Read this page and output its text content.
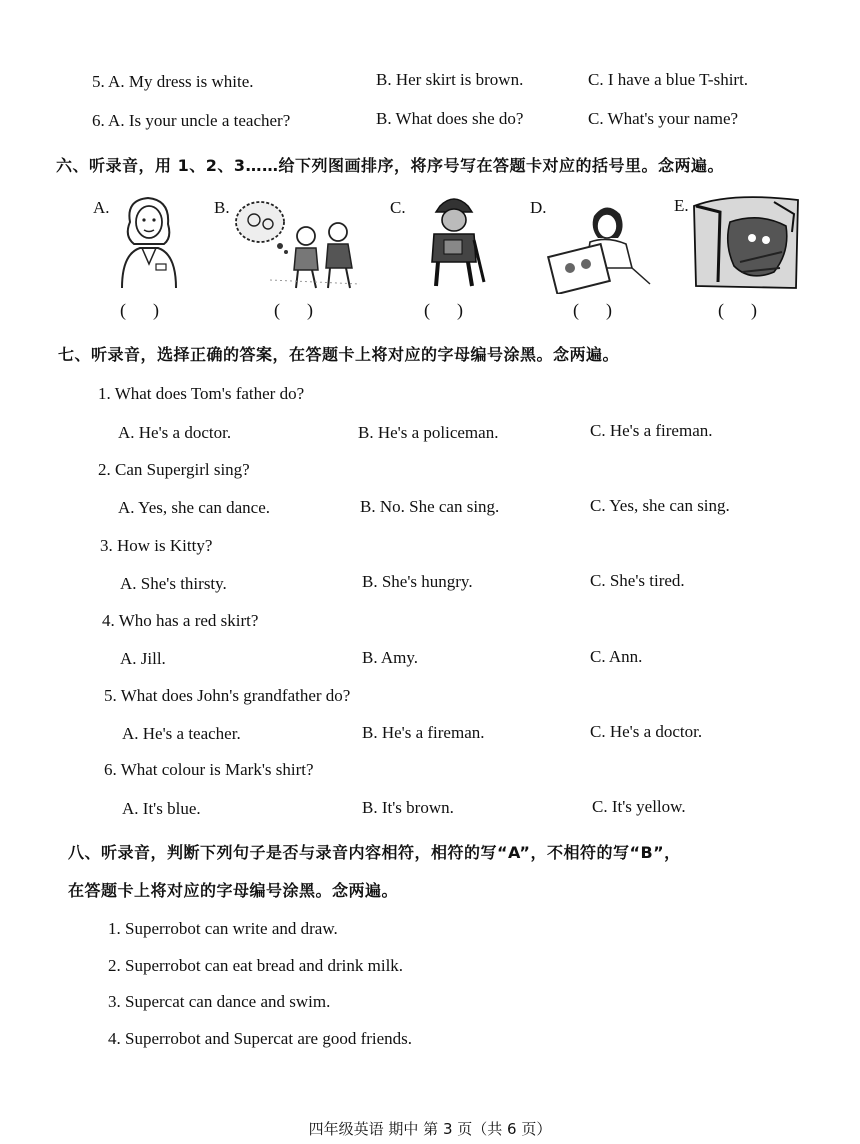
5. A. My dress is white.	B. Her skirt is brown.	C. I have a blue T-shirt.
6. A. Is your uncle a teacher?	B. What does she do?	C. What's your name?
六、听录音，用 1、2、3……给下列图画排序，将序号写在答题卡对应的括号里。念两遍。
A.	B.	C.	D.	E.
(      )	(      )	(      )	(      )	(      )
七、听录音，选择正确的答案，在答题卡上将对应的字母编号涂黑。念两遍。
1. What does Tom's father do?
A. He's a doctor.	B. He's a policeman.	C. He's a fireman.
2. Can Supergirl sing?
A. Yes, she can dance.	B. No. She can sing.	C. Yes, she can sing.
3. How is Kitty?
A. She's thirsty.	B. She's hungry.	C. She's tired.
4. Who has a red skirt?
A. Jill.	B. Amy.	C. Ann.
5. What does John's grandfather do?
A. He's a teacher.	B. He's a fireman.	C. He's a doctor.
6. What colour is Mark's shirt?
A. It's blue.	B. It's brown.	C. It's yellow.
八、听录音，判断下列句子是否与录音内容相符，相符的写“A”，不相符的写“B”，
在答题卡上将对应的字母编号涂黑。念两遍。
1. Superrobot can write and draw.
2. Superrobot can eat bread and drink milk.
3. Supercat can dance and swim.
4. Superrobot and Supercat are good friends.
四年级英语 期中 第 3 页（共 6 页）
